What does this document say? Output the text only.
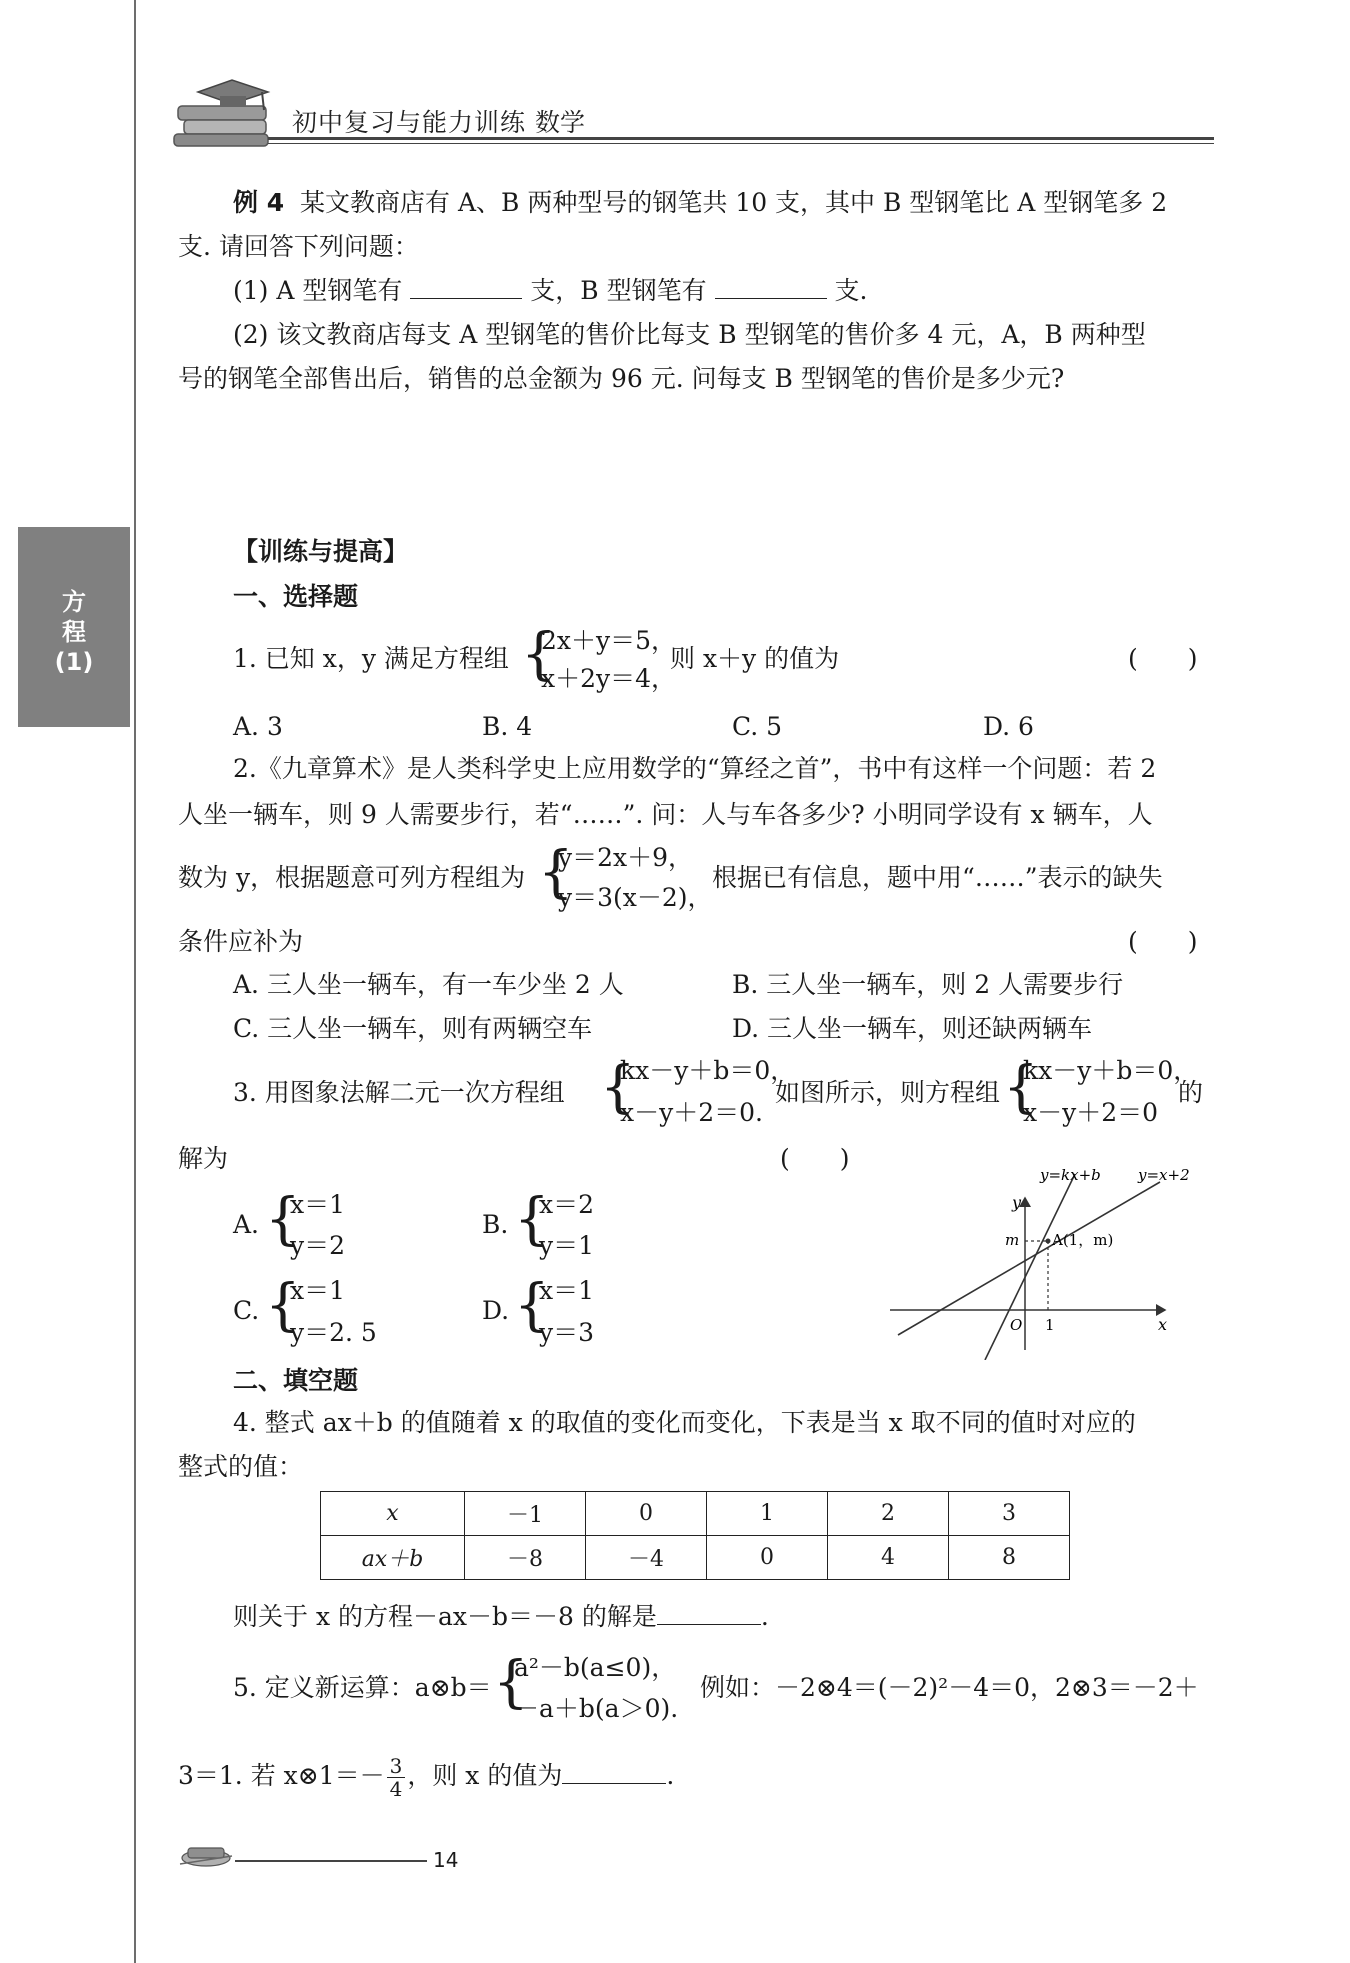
初中复习与能力训练 数学
方
程
(1)
例 4 某文教商店有 A、B 两种型号的钢笔共 10 支，其中 B 型钢笔比 A 型钢笔多 2
支. 请回答下列问题：
(1) A 型钢笔有	支，B 型钢笔有	支.
(2) 该文教商店每支 A 型钢笔的售价比每支 B 型钢笔的售价多 4 元，A，B 两种型
号的钢笔全部售出后，销售的总金额为 96 元. 问每支 B 型钢笔的售价是多少元?
【训练与提高】
一、选择题
1. 已知 x，y 满足方程组 {
2x＋y＝5，
x＋2y＝4，
则 x＋y 的值为	(　　)
A. 3	B. 4	C. 5	D. 6
2.《九章算术》是人类科学史上应用数学的“算经之首”，书中有这样一个问题：若 2
人坐一辆车，则 9 人需要步行，若“……”. 问：人与车各多少? 小明同学设有 x 辆车，人
数为 y，根据题意可列方程组为 {
y＝2x＋9，
y＝3(x－2)，
根据已有信息，题中用“……”表示的缺失
条件应补为	(　　)
A. 三人坐一辆车，有一车少坐 2 人	B. 三人坐一辆车，则 2 人需要步行
C. 三人坐一辆车，则有两辆空车	D. 三人坐一辆车，则还缺两辆车
3. 用图象法解二元一次方程组 {
kx－y＋b＝0，
x－y＋2＝0.
如图所示，则方程组 {
kx－y＋b＝0，
x－y＋2＝0
的
解为	(　　)
A. {
x＝1
y＝2
B. {
x＝2
y＝1
C. {
x＝1
y＝2. 5
D. {
x＝1
y＝3
y=kx+b y=x+2
y
x
O 1
m A(1，m)
二、填空题
4. 整式 ax＋b 的值随着 x 的取值的变化而变化，下表是当 x 取不同的值时对应的
整式的值：
x	－1	0	1	2	3
ax＋b	－8	－4	0	4	8
则关于 x 的方程－ax－b＝－8 的解是	.
5. 定义新运算：a⊗b＝ {
a²－b(a≤0)，
－a＋b(a＞0).
例如：－2⊗4＝(－2)²－4＝0，2⊗3＝－2＋
3＝1. 若 x⊗1＝－ $\frac{3}{4}$ ，则 x 的值为	.
14
